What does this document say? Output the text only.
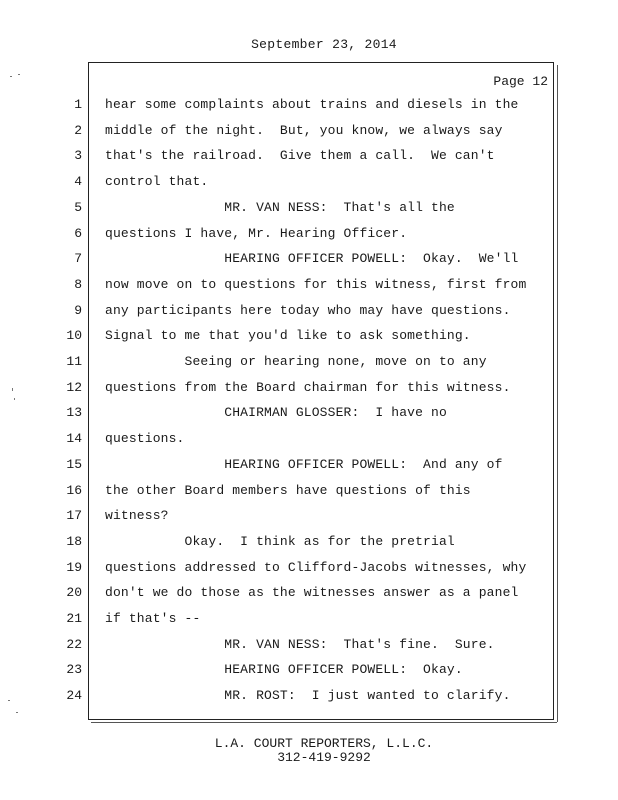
September 23, 2014
Page 12
1 hear some complaints about trains and diesels in the
2 middle of the night.  But, you know, we always say
3 that's the railroad.  Give them a call.  We can't
4 control that.
5 MR. VAN NESS:  That's all the
6 questions I have, Mr. Hearing Officer.
7 HEARING OFFICER POWELL:  Okay.  We'll
8 now move on to questions for this witness, first from
9 any participants here today who may have questions.
10 Signal to me that you'd like to ask something.
11 Seeing or hearing none, move on to any
12 questions from the Board chairman for this witness.
13 CHAIRMAN GLOSSER:  I have no
14 questions.
15 HEARING OFFICER POWELL:  And any of
16 the other Board members have questions of this
17 witness?
18 Okay.  I think as for the pretrial
19 questions addressed to Clifford-Jacobs witnesses, why
20 don't we do those as the witnesses answer as a panel
21 if that's --
22 MR. VAN NESS:  That's fine.  Sure.
23 HEARING OFFICER POWELL:  Okay.
24 MR. ROST:  I just wanted to clarify.
L.A. COURT REPORTERS, L.L.C.
312-419-9292
